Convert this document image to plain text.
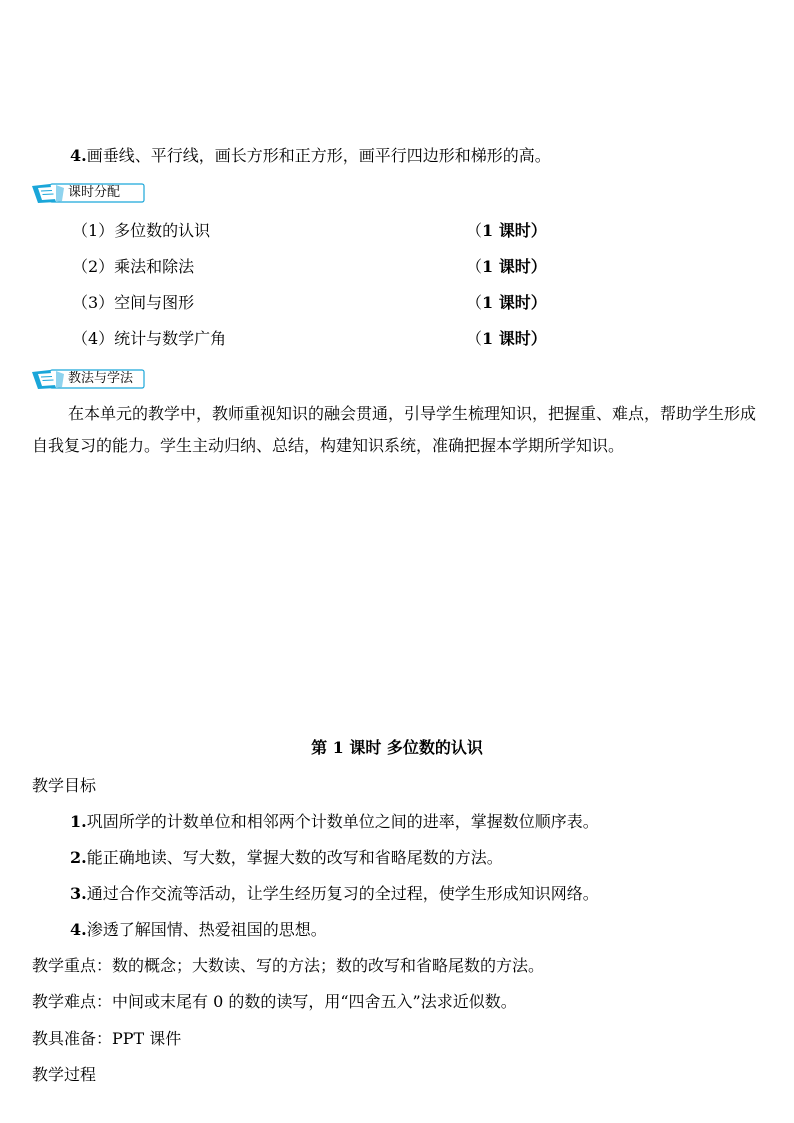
4.画垂线、平行线，画长方形和正方形，画平行四边形和梯形的高。
课时分配
（1）多位数的认识	（1 课时）
（2）乘法和除法	（1 课时）
（3）空间与图形	（1 课时）
（4）统计与数学广角	（1 课时）
教法与学法
在本单元的教学中，教师重视知识的融会贯通，引导学生梳理知识，把握重、难点，帮助学生形成自我复习的能力。学生主动归纳、总结，构建知识系统，准确把握本学期所学知识。
第 1 课时 多位数的认识
教学目标
1.巩固所学的计数单位和相邻两个计数单位之间的进率，掌握数位顺序表。
2.能正确地读、写大数，掌握大数的改写和省略尾数的方法。
3.通过合作交流等活动，让学生经历复习的全过程，使学生形成知识网络。
4.渗透了解国情、热爱祖国的思想。
教学重点：数的概念；大数读、写的方法；数的改写和省略尾数的方法。
教学难点：中间或末尾有 0 的数的读写，用“四舍五入”法求近似数。
教具准备：PPT 课件
教学过程
